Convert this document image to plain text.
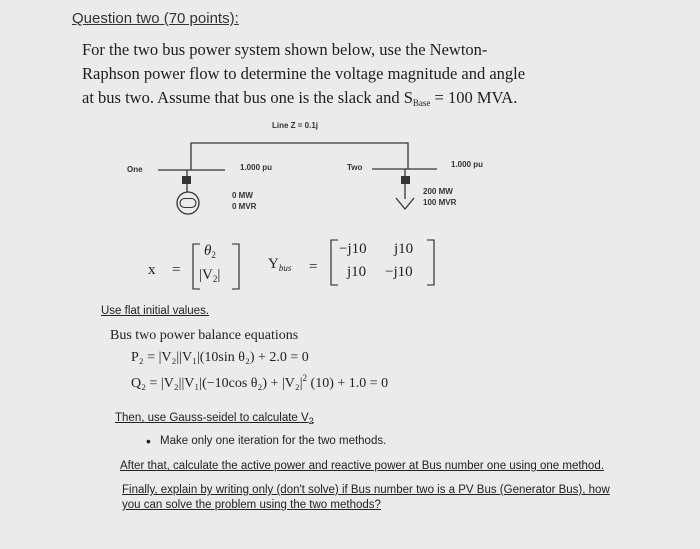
Question two (70 points):
For the two bus power system shown below, use the Newton-
Raphson power flow to determine the voltage magnitude and angle
at bus two. Assume that bus one is the slack and $S_{Base} = 100$ MVA.
Line Z = 0.1j
One	1.000 pu
0 MW
0 MVR
Two	1.000 pu
200 MW
100 MVR
x =
$\theta_2$
$|V_2|$
$Y_{bus}$ =
−j10 j10
j10 −j10
Use flat initial values.
Bus two power balance equations
P₂ = |V₂||V₁|(10sin θ₂) + 2.0 = 0
Q₂ = |V₂||V₁|(−10cos $\theta_2) + |V_2|^2$ (10) + 1.0 = 0
Then, use Gauss-seidel to calculate $V_2$
• Make only one iteration for the two methods.
After that, calculate the active power and reactive power at Bus number one using one method.
Finally, explain by writing only (don't solve) if Bus number two is a PV Bus (Generator Bus), how
you can solve the problem using the two methods?
